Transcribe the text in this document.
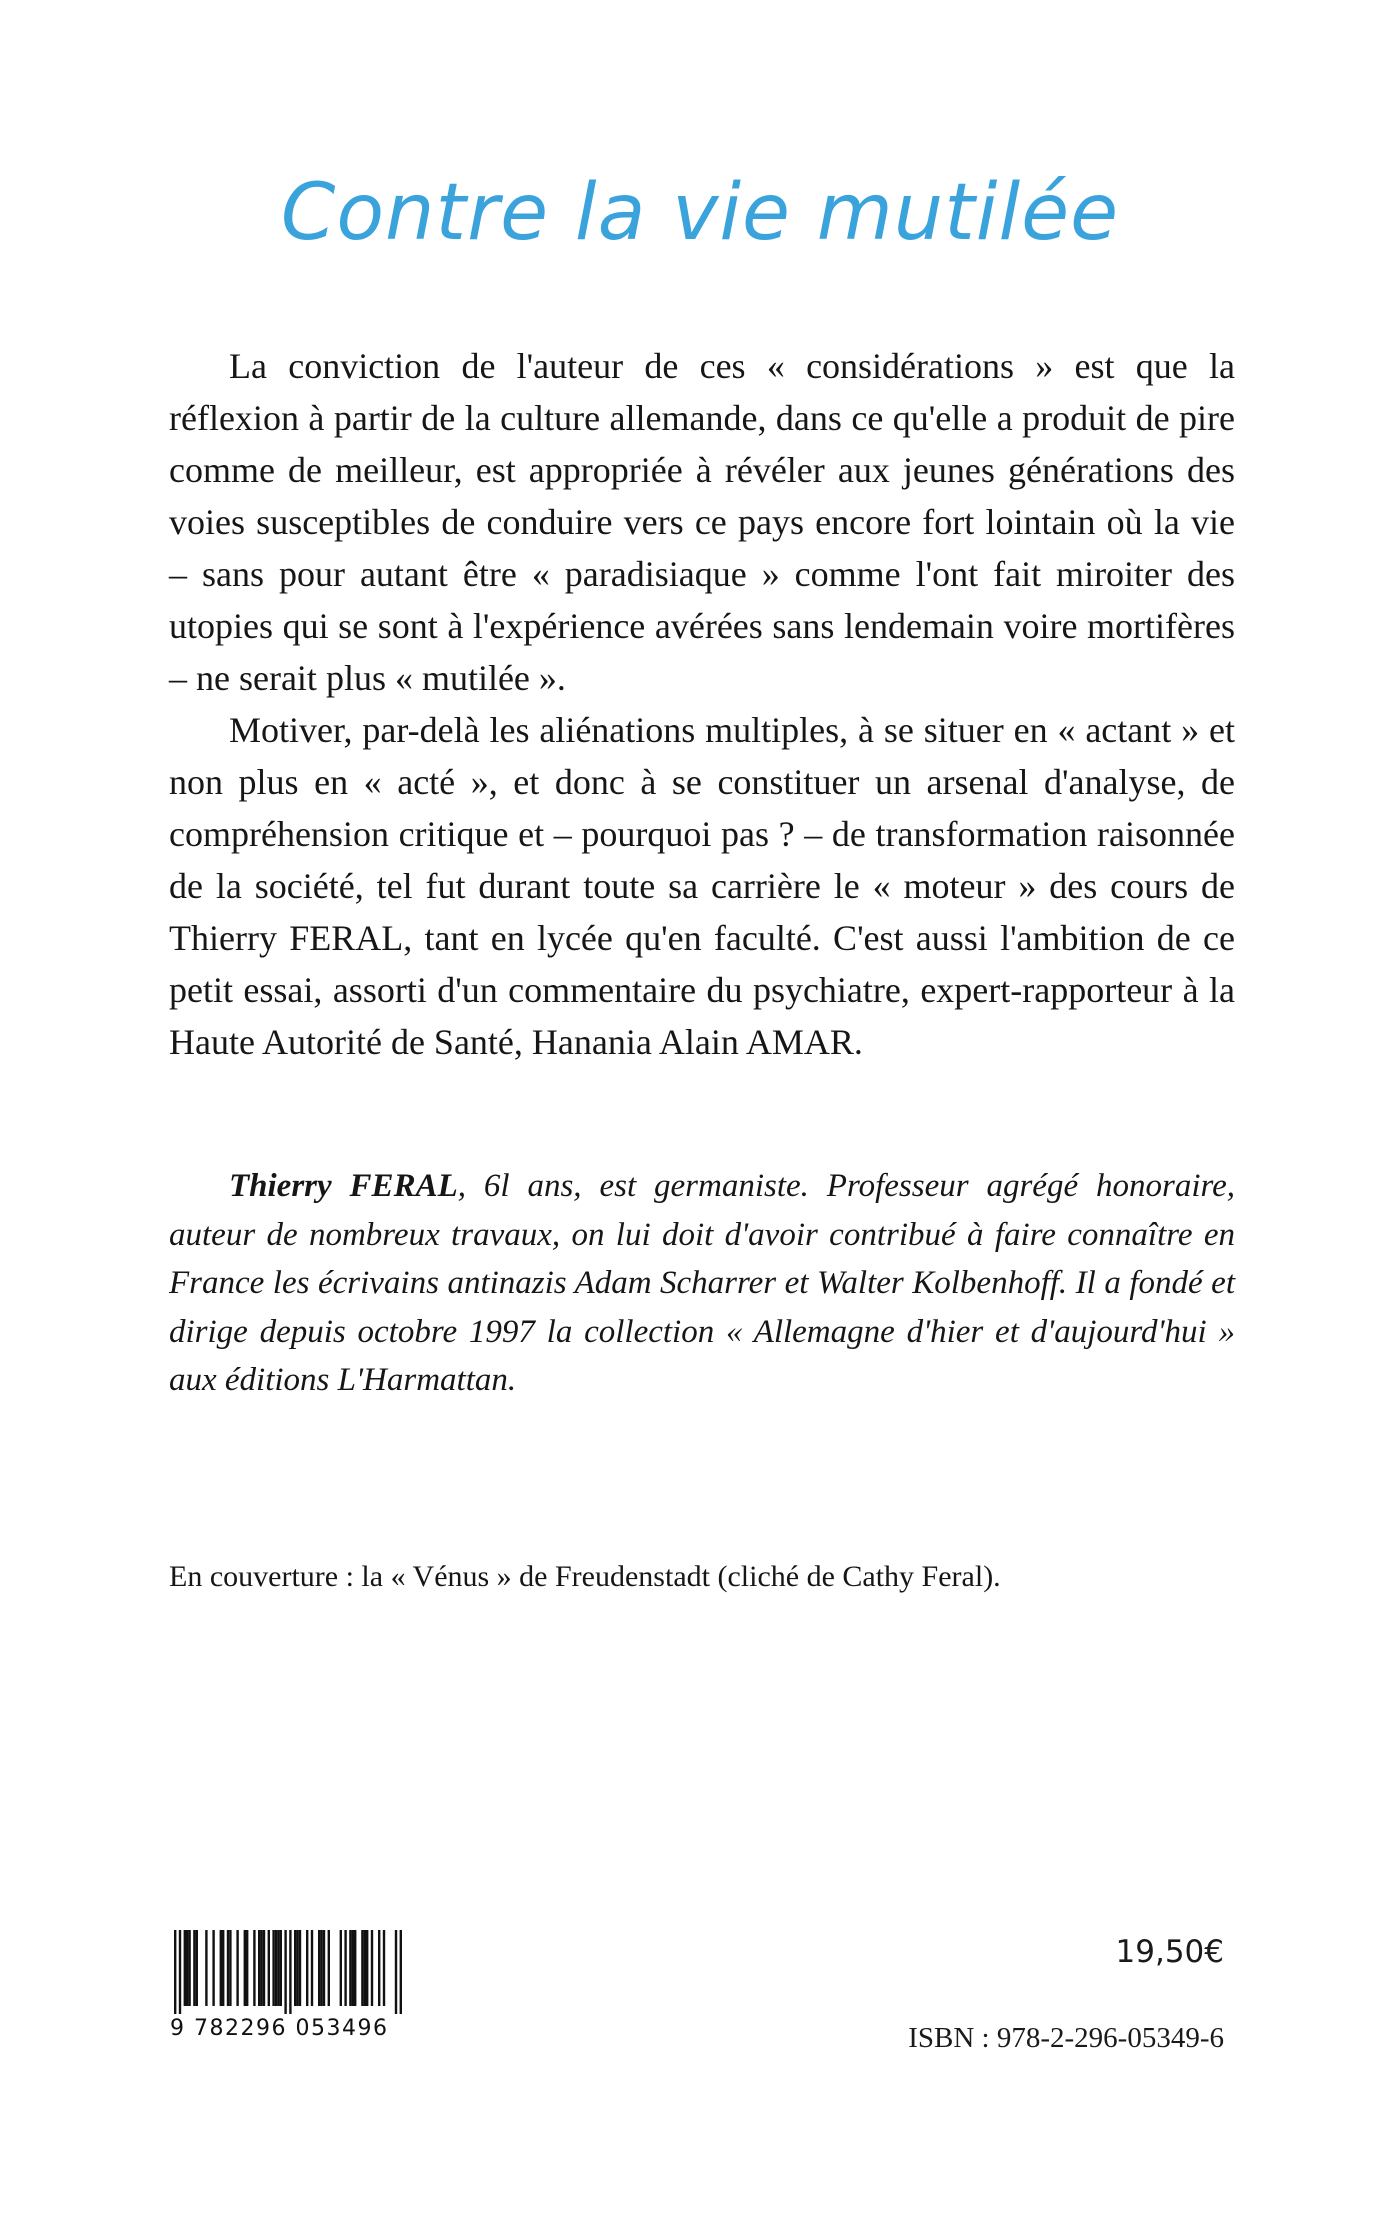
Contre la vie mutilée

La conviction de l'auteur de ces « considérations » est que la réflexion à partir de la culture allemande, dans ce qu'elle a produit de pire comme de meilleur, est appropriée à révéler aux jeunes générations des voies susceptibles de conduire vers ce pays encore fort lointain où la vie – sans pour autant être « paradisiaque » comme l'ont fait miroiter des utopies qui se sont à l'expérience avérées sans lendemain voire mortifères – ne serait plus « mutilée ».

Motiver, par-delà les aliénations multiples, à se situer en « actant » et non plus en « acté », et donc à se constituer un arsenal d'analyse, de compréhension critique et – pourquoi pas ? – de transformation raisonnée de la société, tel fut durant toute sa carrière le « moteur » des cours de Thierry FERAL, tant en lycée qu'en faculté. C'est aussi l'ambition de ce petit essai, assorti d'un commentaire du psychiatre, expert-rapporteur à la Haute Autorité de Santé, Hanania Alain AMAR.

Thierry FERAL, 6l ans, est germaniste. Professeur agrégé honoraire, auteur de nombreux travaux, on lui doit d'avoir contribué à faire connaître en France les écrivains antinazis Adam Scharrer et Walter Kolbenhoff. Il a fondé et dirige depuis octobre 1997 la collection « Allemagne d'hier et d'aujourd'hui » aux éditions L'Harmattan.

En couverture : la « Vénus » de Freudenstadt (cliché de Cathy Feral).

9 782296 053496

19,50€

ISBN : 978-2-296-05349-6
